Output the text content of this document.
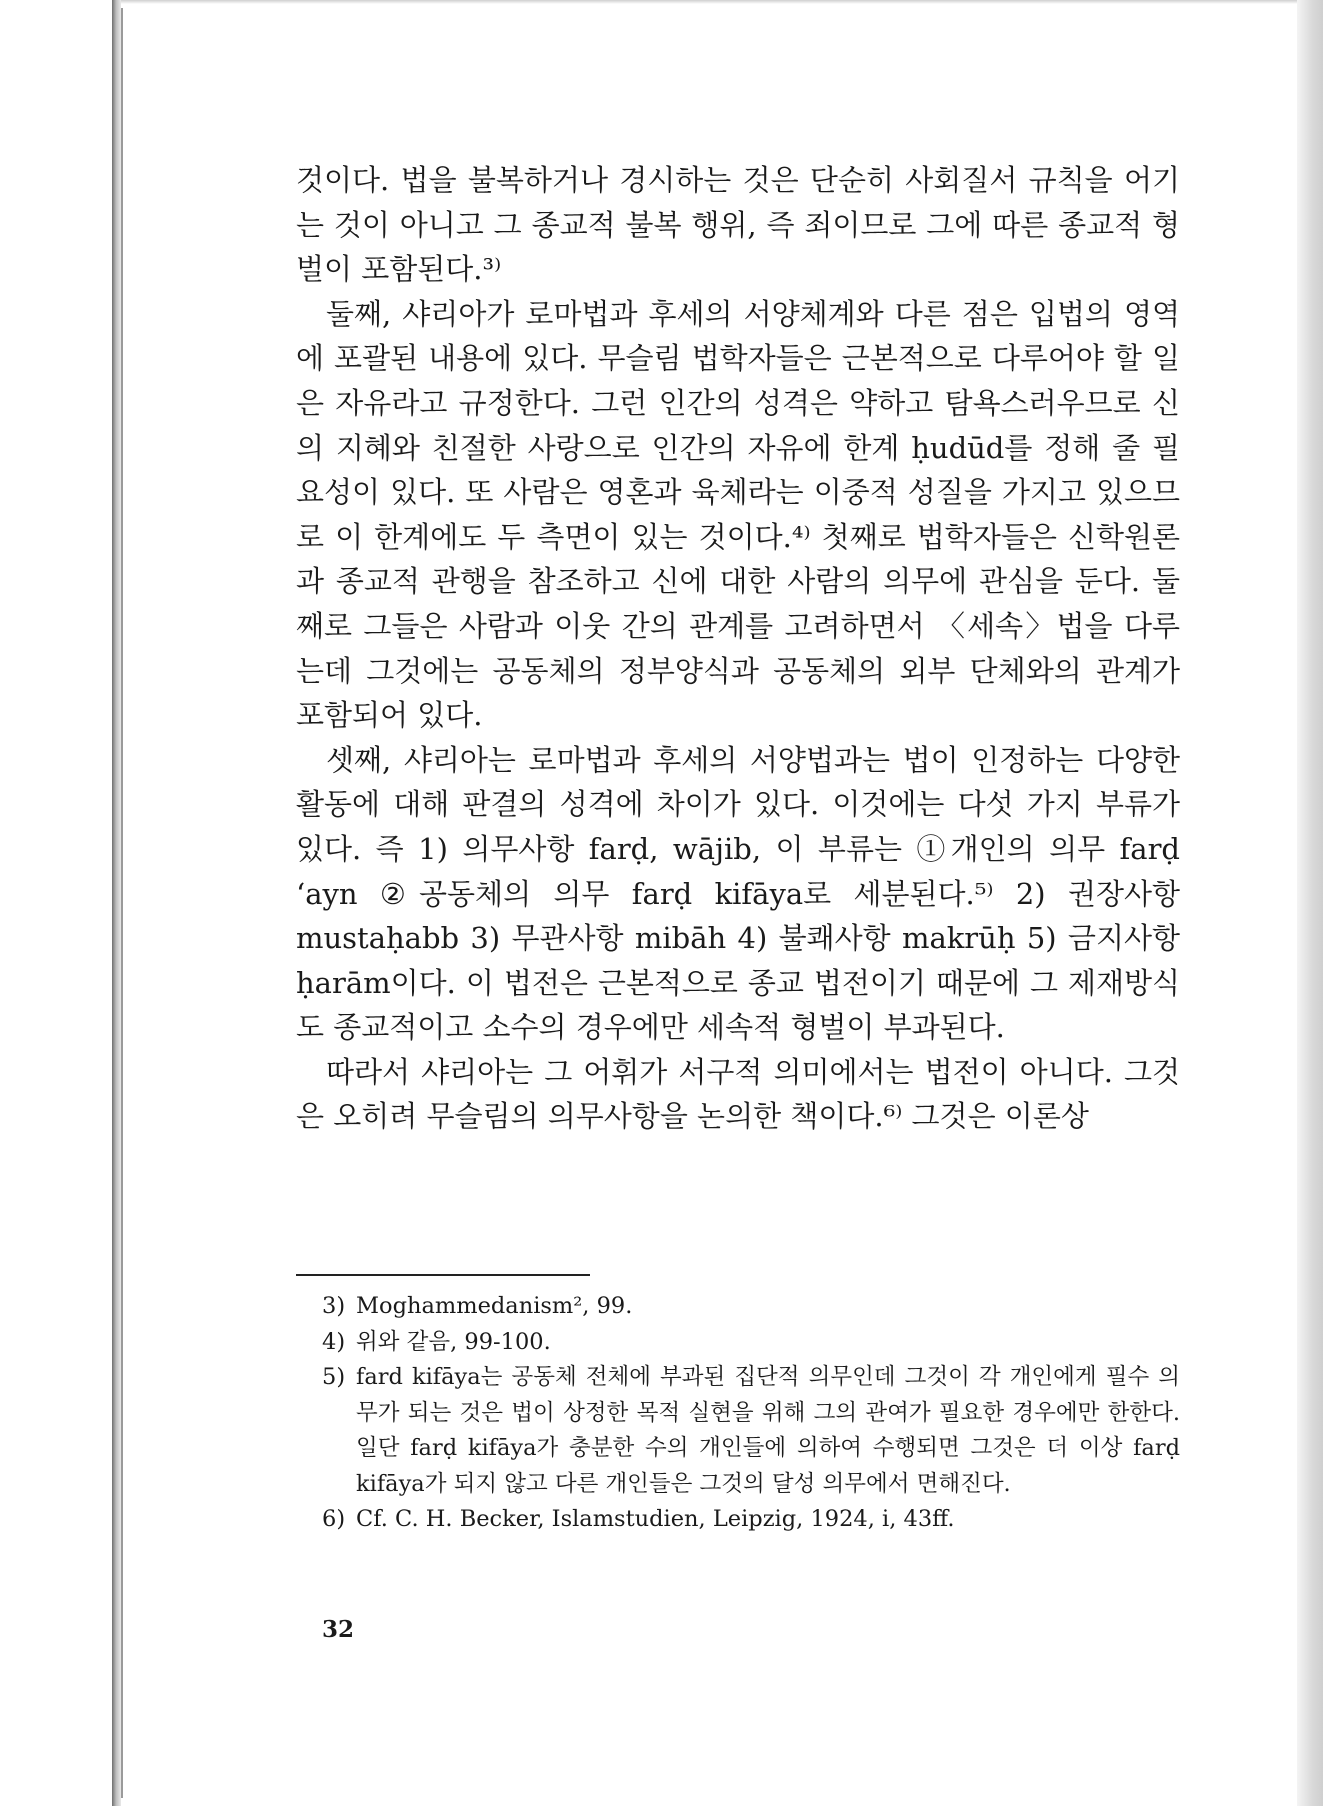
것이다. 법을 불복하거나 경시하는 것은 단순히 사회질서 규칙을 어기는 것이 아니고 그 종교적 불복 행위, 즉 죄이므로 그에 따른 종교적 형벌이 포함된다.³⁾

둘째, 샤리아가 로마법과 후세의 서양체계와 다른 점은 입법의 영역에 포괄된 내용에 있다. 무슬림 법학자들은 근본적으로 다루어야 할 일은 자유라고 규정한다. 그런 인간의 성격은 약하고 탐욕스러우므로 신의 지혜와 친절한 사랑으로 인간의 자유에 한계 ḥudūd를 정해 줄 필요성이 있다. 또 사람은 영혼과 육체라는 이중적 성질을 가지고 있으므로 이 한계에도 두 측면이 있는 것이다.⁴⁾ 첫째로 법학자들은 신학원론과 종교적 관행을 참조하고 신에 대한 사람의 의무에 관심을 둔다. 둘째로 그들은 사람과 이웃 간의 관계를 고려하면서 〈세속〉법을 다루는데 그것에는 공동체의 정부양식과 공동체의 외부 단체와의 관계가 포함되어 있다.

셋째, 샤리아는 로마법과 후세의 서양법과는 법이 인정하는 다양한 활동에 대해 판결의 성격에 차이가 있다. 이것에는 다섯 가지 부류가 있다. 즉 1) 의무사항 farḍ, wājib, 이 부류는 ①개인의 의무 farḍ ‘ayn ②공동체의 의무 farḍ kifāya로 세분된다.⁵⁾ 2) 권장사항 mustaḥabb 3) 무관사항 mibāh 4) 불쾌사항 makrūḥ 5) 금지사항 ḥarām이다. 이 법전은 근본적으로 종교 법전이기 때문에 그 제재방식도 종교적이고 소수의 경우에만 세속적 형벌이 부과된다.

따라서 샤리아는 그 어휘가 서구적 의미에서는 법전이 아니다. 그것은 오히려 무슬림의 의무사항을 논의한 책이다.⁶⁾ 그것은 이론상

3) Moghammedanism², 99.
4) 위와 같음, 99-100.
5) fard kifāya는 공동체 전체에 부과된 집단적 의무인데 그것이 각 개인에게 필수 의무가 되는 것은 법이 상정한 목적 실현을 위해 그의 관여가 필요한 경우에만 한한다. 일단 farḍ kifāya가 충분한 수의 개인들에 의하여 수행되면 그것은 더 이상 farḍ kifāya가 되지 않고 다른 개인들은 그것의 달성 의무에서 면해진다.
6) Cf. C. H. Becker, Islamstudien, Leipzig, 1924, i, 43ff.
32
